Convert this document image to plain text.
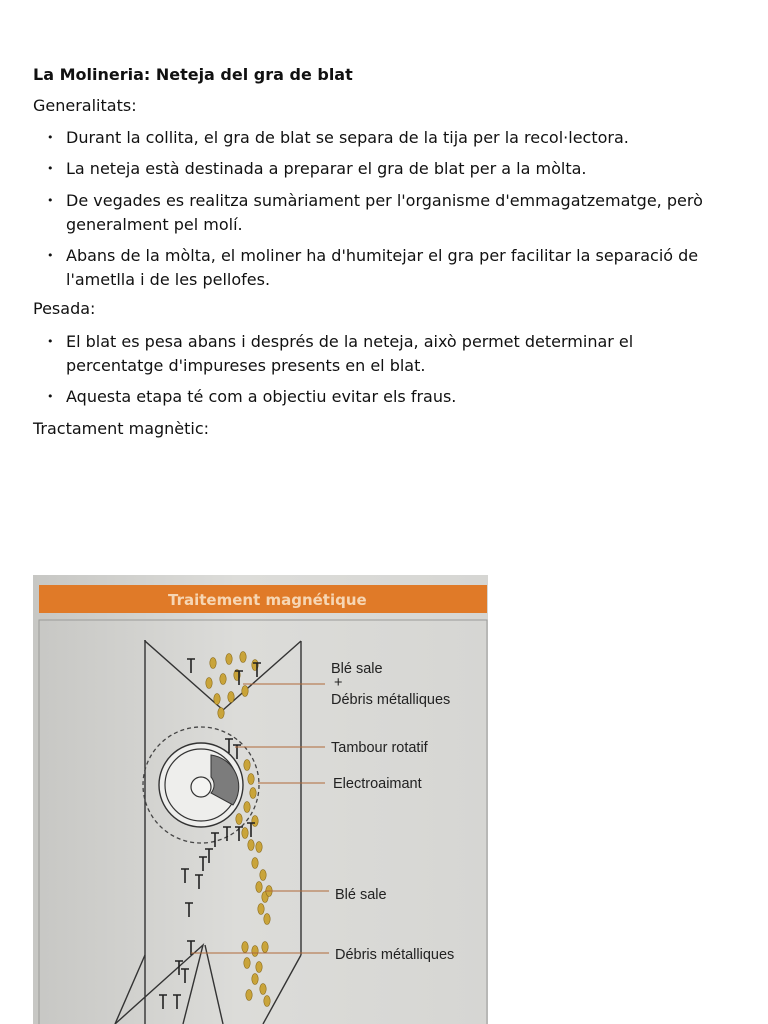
La Molineria: Neteja del gra de blat

Generalitats:

• Durant la collita, el gra de blat se separa de la tija per la recol·lectora.
• La neteja està destinada a preparar el gra de blat per a la mòlta.
• De vegades es realitza sumàriament per l'organisme d'emmagatzematge, però generalment pel molí.
• Abans de la mòlta, el moliner ha d'humitejar el gra per facilitar la separació de l'ametlla i de les pellofes.

Pesada:

• El blat es pesa abans i després de la neteja, això permet determinar el percentatge d'impureses presents en el blat.
• Aquesta etapa té com a objectiu evitar els fraus.

Tractament magnètic:

Traitement magnétique
Blé sale
+
Débris métalliques
Tambour rotatif
Electroaimant
Blé sale
Débris métalliques
